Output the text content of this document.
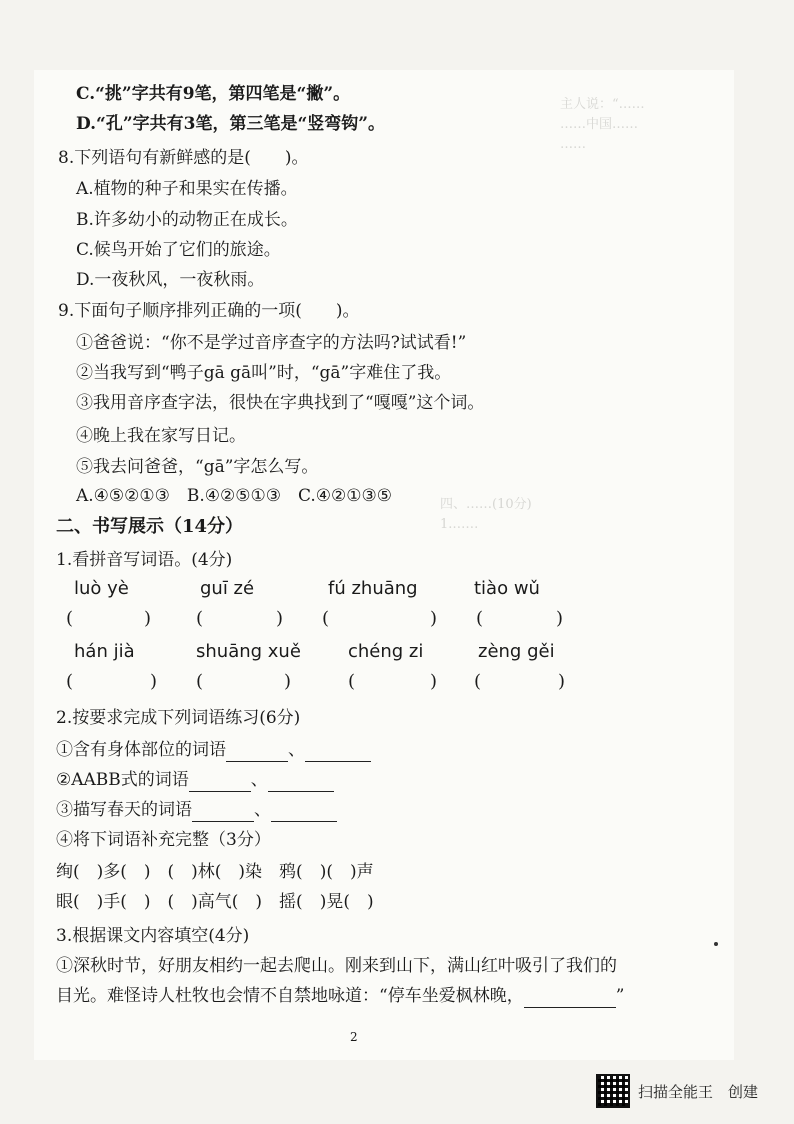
主人说：“……
……中国……
……
四、……(10分)
1.……
C.“挑”字共有9笔，第四笔是“撇”。
D.“孔”字共有3笔，第三笔是“竖弯钩”。
8.下列语句有新鲜感的是(　　)。
A.植物的种子和果实在传播。
B.许多幼小的动物正在成长。
C.候鸟开始了它们的旅途。
D.一夜秋风，一夜秋雨。
9.下面句子顺序排列正确的一项(　　)。
①爸爸说：“你不是学过音序查字的方法吗?试试看!”
②当我写到“鸭子gā gā叫”时，“gā”字难住了我。
③我用音序查字法，很快在字典找到了“嘎嘎”这个词。
④晚上我在家写日记。
⑤我去问爸爸，“gā”字怎么写。
A.④⑤②①③　B.④②⑤①③　C.④②①③⑤
二、书写展示（14分）
1.看拼音写词语。(4分)
luò yè	guī zé	fú zhuāng	tiào wǔ
(	) (	) (	) (	)
hán jià	shuāng xuě	chéng zi	zèng gěi
(	) (	)	(	) (	)
2.按要求完成下列词语练习(6分)
①含有身体部位的词语	、
②AABB式的词语	、
③描写春天的词语	、
④将下词语补充完整（3分）
绚(　)多(　)　(　)林(　)染　鸦(　)(　)声
眼(　)手(　)　(　)高气(　)　摇(　)晃(　)
3.根据课文内容填空(4分)
①深秋时节，好朋友相约一起去爬山。刚来到山下，满山红叶吸引了我们的
目光。难怪诗人杜牧也会情不自禁地咏道：“停车坐爱枫林晚，	”
2
扫描全能王　创建
